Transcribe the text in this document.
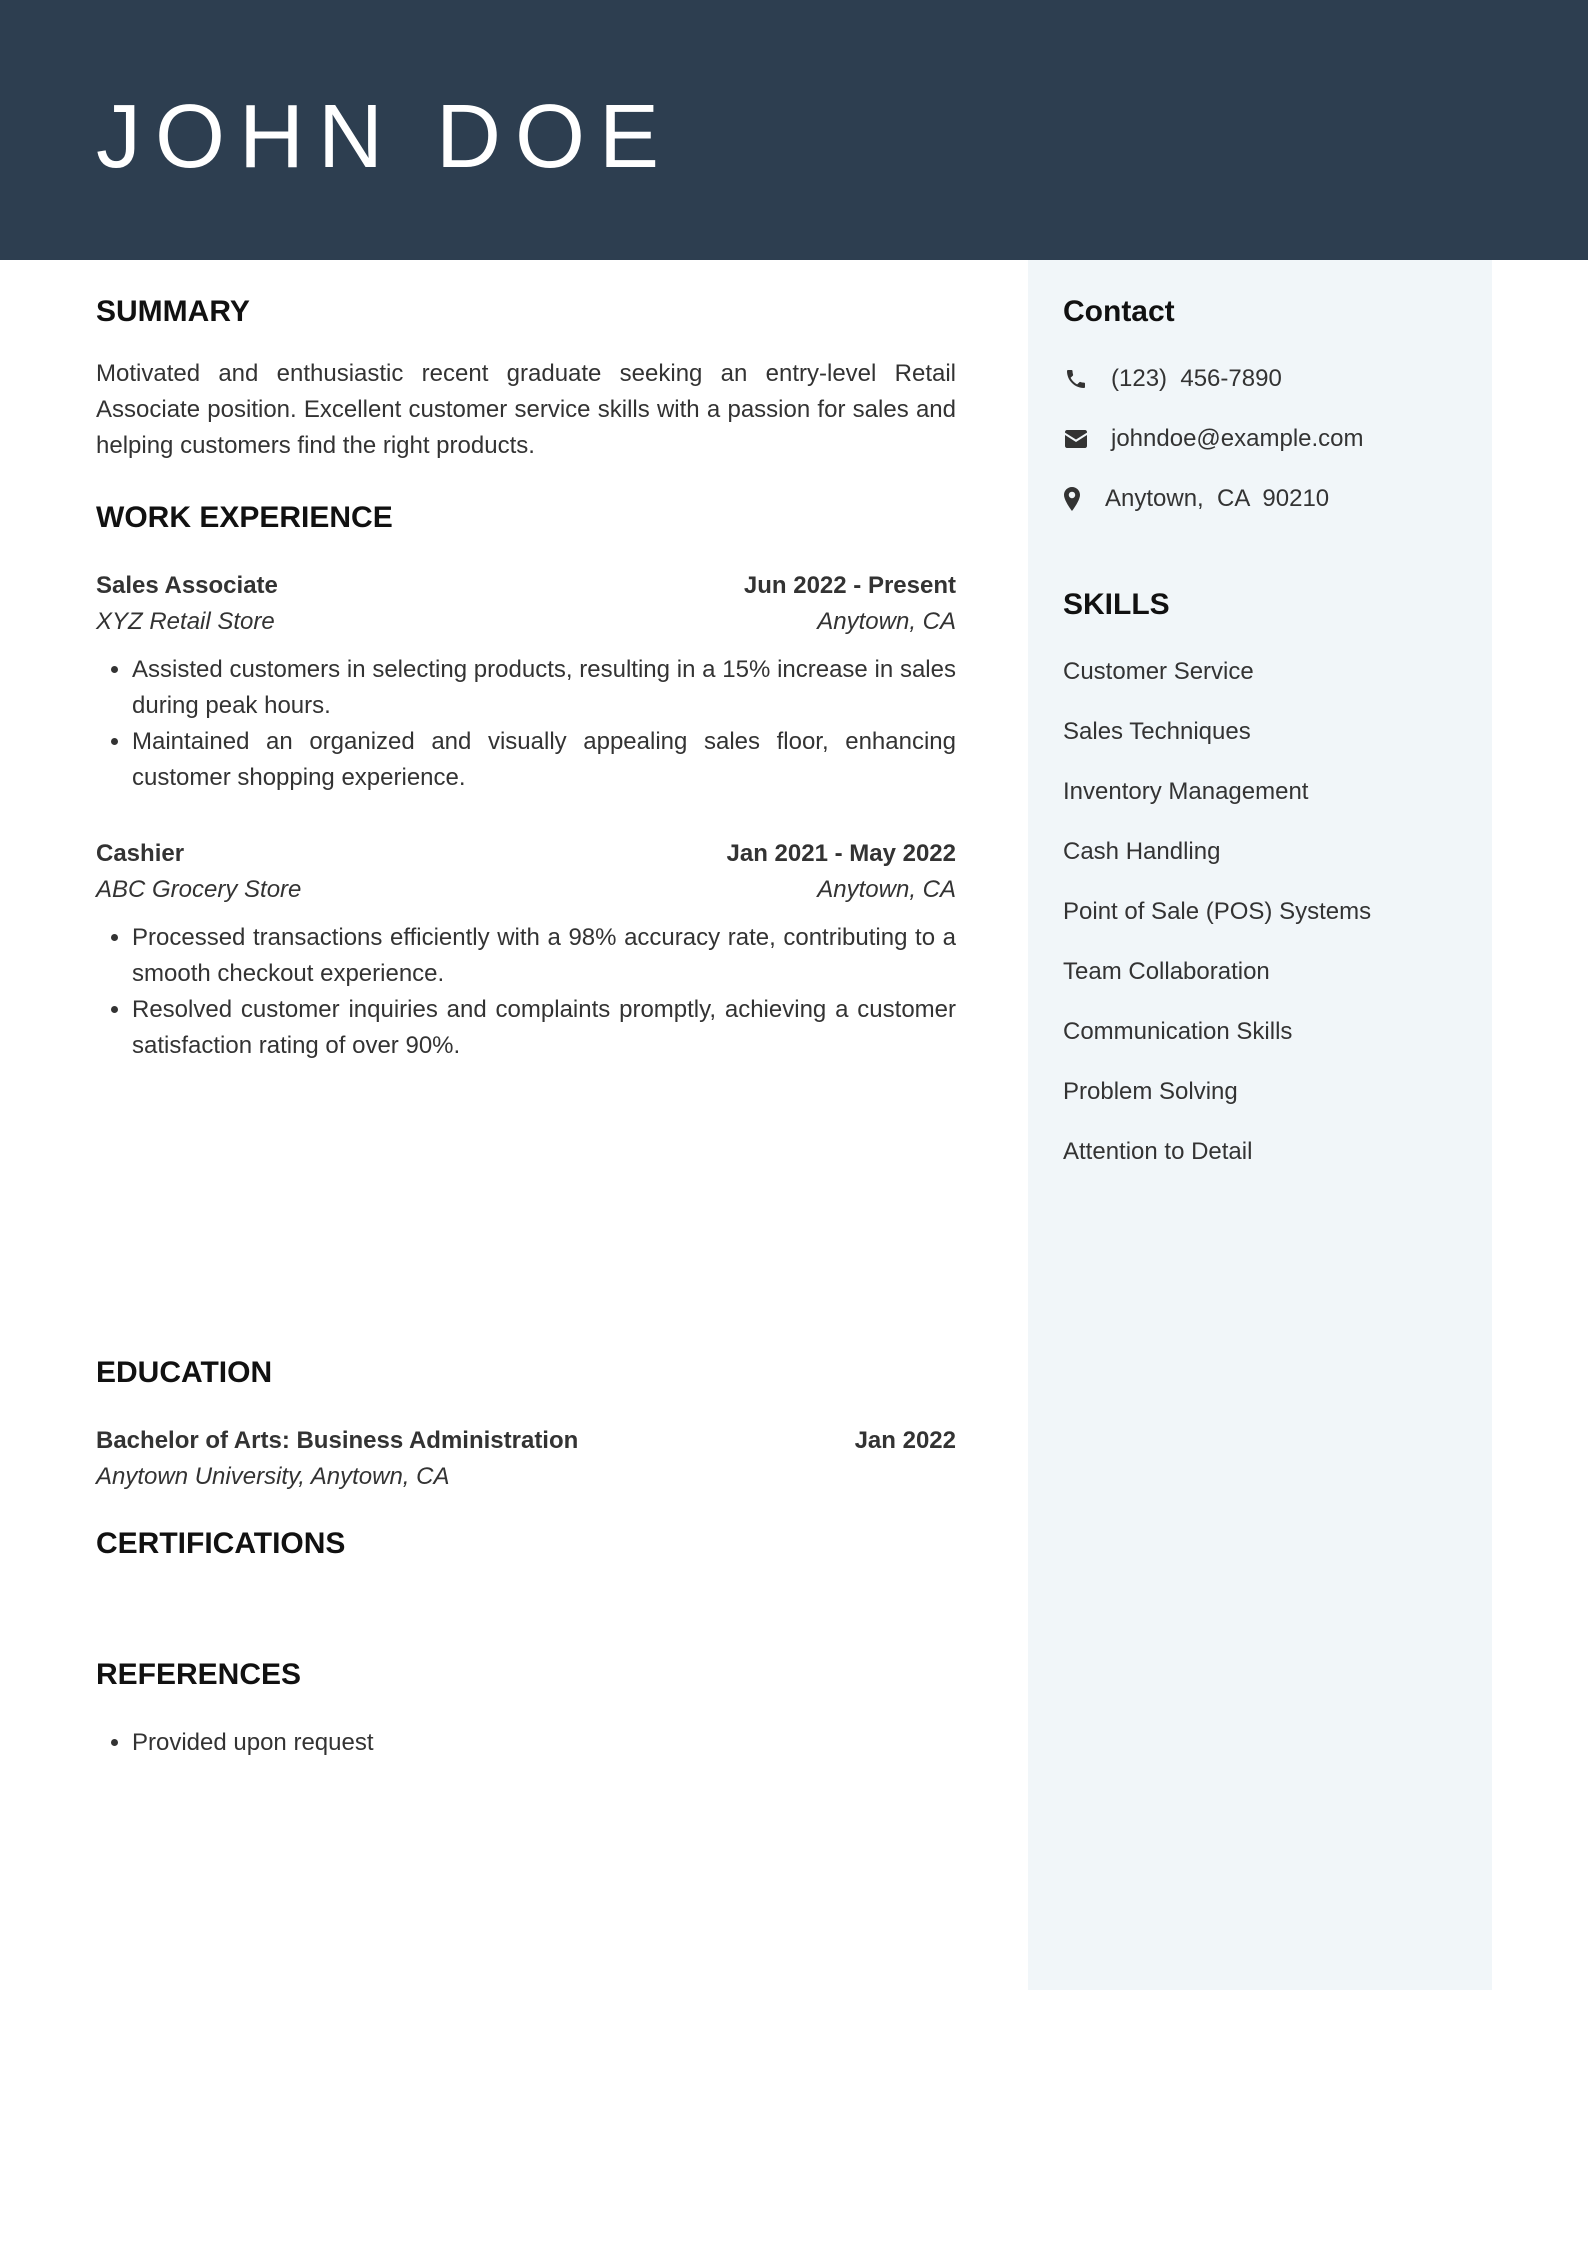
JOHN DOE
SUMMARY

Motivated and enthusiastic recent graduate seeking an entry-level Retail Associate position. Excellent customer service skills with a passion for sales and helping customers find the right products.

WORK EXPERIENCE
Sales Associate	Jun 2022 - Present
XYZ Retail Store	Anytown, CA
• Assisted customers in selecting products, resulting in a 15% increase in sales during peak hours.
• Maintained an organized and visually appealing sales floor, enhancing customer shopping experience.
Cashier	Jan 2021 - May 2022
ABC Grocery Store	Anytown, CA
• Processed transactions efficiently with a 98% accuracy rate, contributing to a smooth checkout experience.
• Resolved customer inquiries and complaints promptly, achieving a customer satisfaction rating of over 90%.
EDUCATION
Bachelor of Arts: Business Administration	Jan 2022
Anytown University, Anytown, CA
CERTIFICATIONS
REFERENCES
• Provided upon request
Contact
(123)  456-7890
johndoe@example.com
Anytown,  CA  90210
SKILLS
Customer Service
Sales Techniques
Inventory Management
Cash Handling
Point of Sale (POS) Systems
Team Collaboration
Communication Skills
Problem Solving
Attention to Detail
